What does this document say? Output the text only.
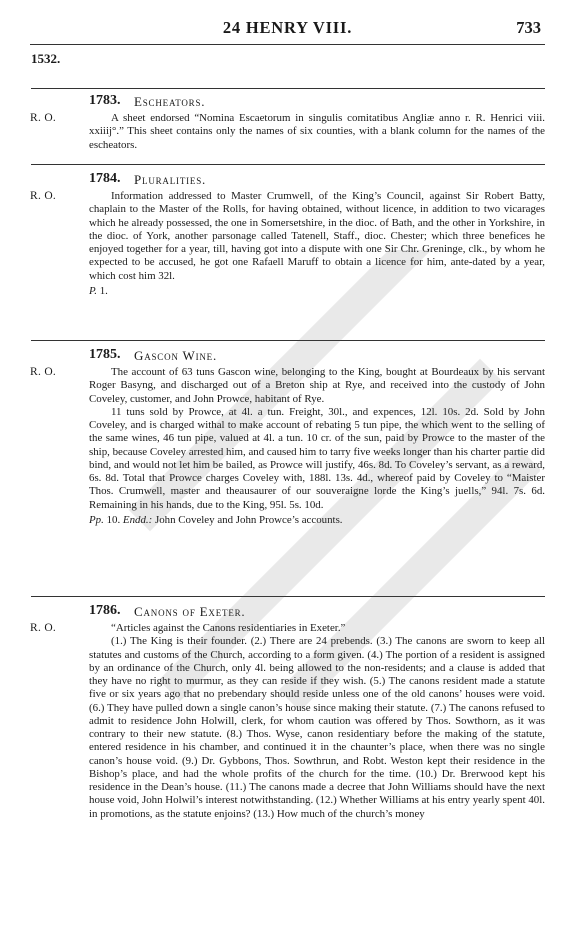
24 HENRY VIII.	733
1532.
1783. Escheators.
R. O.	A sheet endorsed “Nomina Escaetorum in singulis comitatibus Angliæ anno r. R. Henrici viii. xxiiij°.” This sheet contains only the names of six counties, with a blank column for the names of the escheators.

1784. Pluralities.
R. O.	Information addressed to Master Crumwell, of the King’s Council, against Sir Robert Batty, chaplain to the Master of the Rolls, for having obtained, without licence, in addition to two vicarages which he already possessed, the one in Somersetshire, in the dioc. of Bath, and the other in Yorkshire, in the dioc. of York, another parsonage called Tatenell, Staff., dioc. Chester; which three benefices he enjoyed together for a year, till, having got into a dispute with one Sir Chr. Greninge, clk., by whom he expected to be accused, he got one Rafaell Maruff to obtain a licence for him, ante-dated by a year, which cost him 32l.

P. 1.
1785. Gascon Wine.
R. O.	The account of 63 tuns Gascon wine, belonging to the King, bought at Bourdeaux by his servant Roger Basyng, and discharged out of a Breton ship at Rye, and received into the custody of John Coveley, customer, and John Prowce, habitant of Rye.

11 tuns sold by Prowce, at 4l. a tun. Freight, 30l., and expences, 12l. 10s. 2d. Sold by John Coveley, and is charged withal to make account of rebating 5 tun pipe, the which went to the selling of the same wines, 46 tun pipe, valued at 4l. a tun. 10 cr. of the sun, paid by Prowce to the master of the ship, because Coveley arrested him, and caused him to tarry five weeks longer than his charter partie did bind, and would not let him be bailed, as Prowce will justify, 46s. 8d. To Coveley’s servant, as a reward, 6s. 8d. Total that Prowce charges Coveley with, 188l. 13s. 4d., whereof paid by Coveley to “Maister Thos. Crumwell, master and theausaurer of our souveraigne lorde the King’s juells,” 94l. 7s. 6d. Remaining in his hands, due to the King, 95l. 5s. 10d.

Pp. 10. Endd.: John Coveley and John Prowce’s accounts.
1786. Canons of Exeter.
R. O.	“Articles against the Canons residentiaries in Exeter.”

(1.) The King is their founder. (2.) There are 24 prebends. (3.) The canons are sworn to keep all statutes and customs of the Church, according to a form given. (4.) The portion of a resident is assigned by an ordinance of the Church, only 4l. being allowed to the non-residents; and a clause is added that they have no right to murmur, as they can reside if they wish. (5.) The canons resident made a statute five or six years ago that no prebendary should reside unless one of the old canons’ houses were void. (6.) They have pulled down a single canon’s house since making their statute. (7.) The canons refused to admit to residence John Holwill, clerk, for whom caution was offered by Thos. Sowthorn, as it was contrary to their new statute. (8.) Thos. Wyse, canon residentiary before the making of the statute, entered residence in his chamber, and continued it in the chaunter’s place, when there was no single canon’s house void. (9.) Dr. Gybbons, Thos. Sowthrun, and Robt. Weston kept their residence in the Bishop’s place, and had the whole profits of the church for the time. (10.) Dr. Brerwood kept his residence in the Dean’s house. (11.) The canons made a decree that John Williams should have the next house void, John Holwil’s interest notwithstanding. (12.) Whether Williams at his entry yearly spent 40l. in promotions, as the statute enjoins? (13.) How much of the church’s money
